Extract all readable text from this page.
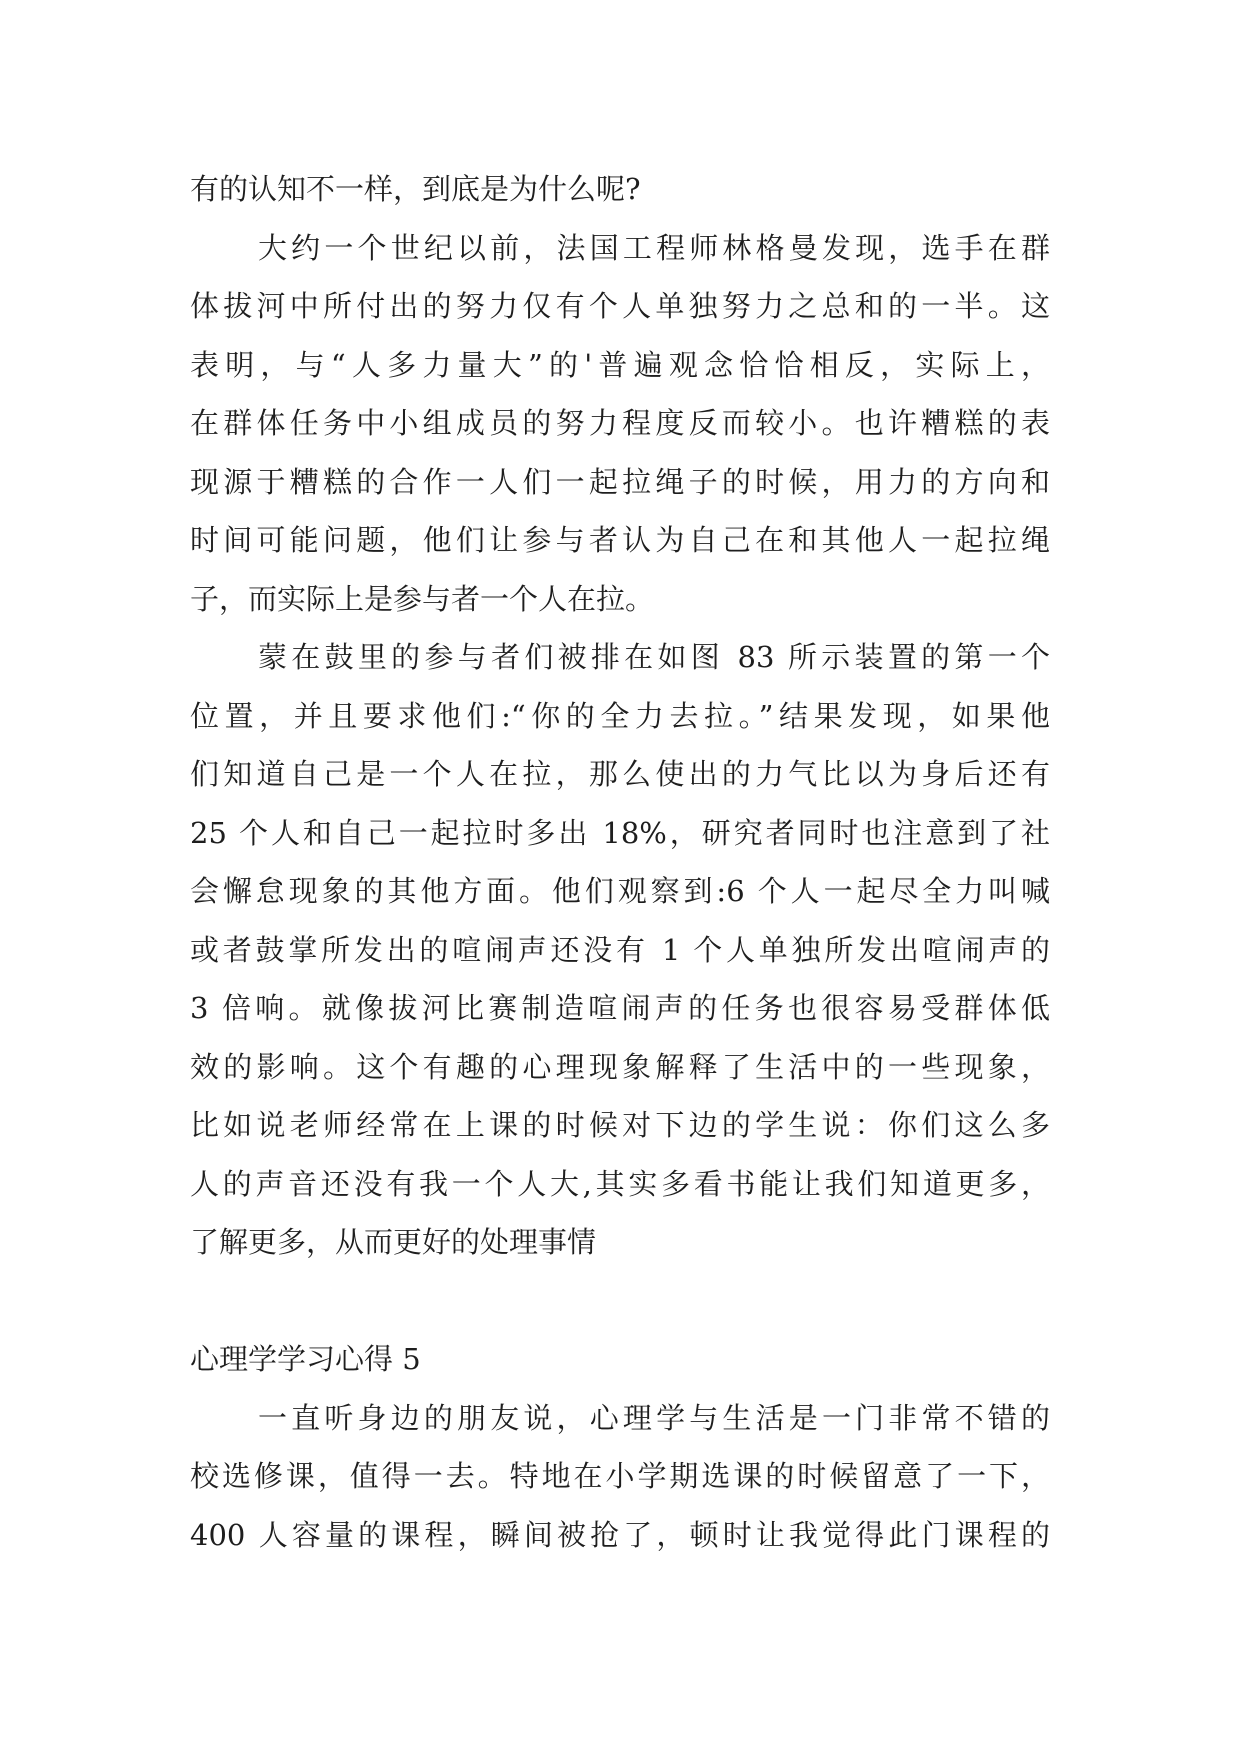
有的认知不一样，到底是为什么呢?
大约一个世纪以前，法国工程师林格曼发现，选手在群
体拔河中所付出的努力仅有个人单独努力之总和的一半。这
表明，与“人多力量大”的'普遍观念恰恰相反，实际上，
在群体任务中小组成员的努力程度反而较小。也许糟糕的表
现源于糟糕的合作一人们一起拉绳子的时候，用力的方向和
时间可能问题，他们让参与者认为自己在和其他人一起拉绳
子，而实际上是参与者一个人在拉。
蒙在鼓里的参与者们被排在如图 83 所示装置的第一个
位置，并且要求他们:“你的全力去拉。”结果发现，如果他
们知道自己是一个人在拉，那么使出的力气比以为身后还有
25 个人和自己一起拉时多出 18%，研究者同时也注意到了社
会懈怠现象的其他方面。他们观察到:6 个人一起尽全力叫喊
或者鼓掌所发出的喧闹声还没有 1 个人单独所发出喧闹声的
3 倍响。就像拔河比赛制造喧闹声的任务也很容易受群体低
效的影响。这个有趣的心理现象解释了生活中的一些现象，
比如说老师经常在上课的时候对下边的学生说：你们这么多
人的声音还没有我一个人大,其实多看书能让我们知道更多，
了解更多，从而更好的处理事情
心理学学习心得 5
一直听身边的朋友说，心理学与生活是一门非常不错的
校选修课，值得一去。特地在小学期选课的时候留意了一下，
400 人容量的课程，瞬间被抢了，顿时让我觉得此门课程的
